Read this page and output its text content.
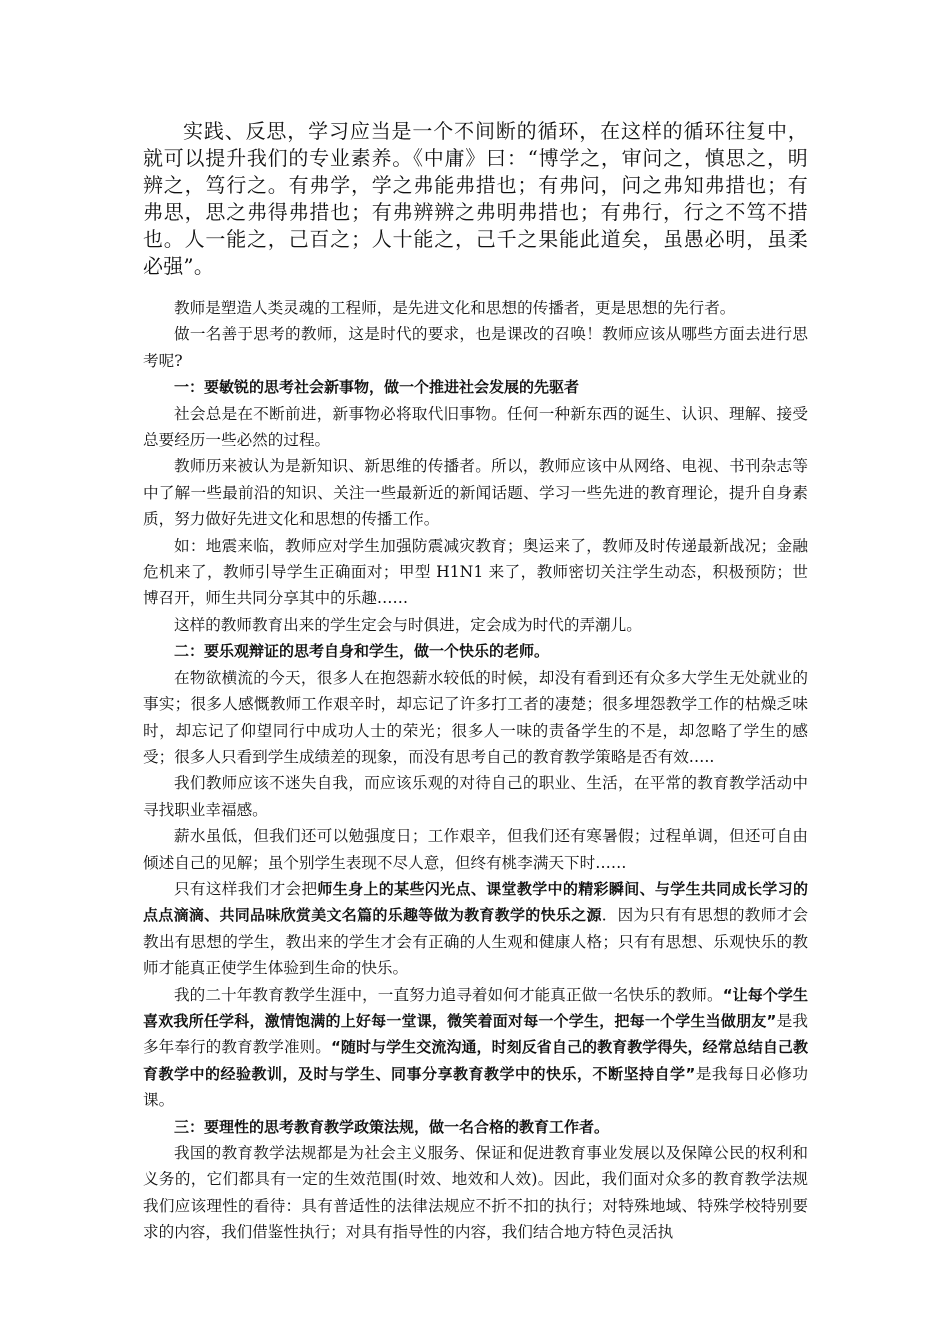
实践、反思，学习应当是一个不间断的循环，在这样的循环往复中，就可以提升我们的专业素养。《中庸》曰：“博学之，审问之，慎思之，明辨之，笃行之。有弗学，学之弗能弗措也；有弗问，问之弗知弗措也；有弗思，思之弗得弗措也；有弗辨辨之弗明弗措也；有弗行，行之不笃不措也。人一能之，己百之；人十能之，己千之果能此道矣，虽愚必明，虽柔必强”。

教师是塑造人类灵魂的工程师，是先进文化和思想的传播者，更是思想的先行者。

做一名善于思考的教师，这是时代的要求，也是课改的召唤！教师应该从哪些方面去进行思考呢?

一：要敏锐的思考社会新事物，做一个推进社会发展的先驱者

社会总是在不断前进，新事物必将取代旧事物。任何一种新东西的诞生、认识、理解、接受总要经历一些必然的过程。

教师历来被认为是新知识、新思维的传播者。所以，教师应该中从网络、电视、书刊杂志等中了解一些最前沿的知识、关注一些最新近的新闻话题、学习一些先进的教育理论，提升自身素质，努力做好先进文化和思想的传播工作。

如：地震来临，教师应对学生加强防震减灾教育；奥运来了，教师及时传递最新战况；金融危机来了，教师引导学生正确面对；甲型 H1N1 来了，教师密切关注学生动态，积极预防；世博召开，师生共同分享其中的乐趣……

这样的教师教育出来的学生定会与时俱进，定会成为时代的弄潮儿。

二：要乐观辩证的思考自身和学生，做一个快乐的老师。

在物欲横流的今天，很多人在抱怨薪水较低的时候，却没有看到还有众多大学生无处就业的事实；很多人感慨教师工作艰辛时，却忘记了许多打工者的凄楚；很多埋怨教学工作的枯燥乏味时，却忘记了仰望同行中成功人士的荣光；很多人一味的责备学生的不是，却忽略了学生的感受；很多人只看到学生成绩差的现象，而没有思考自己的教育教学策略是否有效…..

我们教师应该不迷失自我，而应该乐观的对待自己的职业、生活，在平常的教育教学活动中寻找职业幸福感。

薪水虽低，但我们还可以勉强度日；工作艰辛，但我们还有寒暑假；过程单调，但还可自由倾述自己的见解；虽个别学生表现不尽人意，但终有桃李满天下时……

只有这样我们才会把师生身上的某些闪光点、课堂教学中的精彩瞬间、与学生共同成长学习的点点滴滴、共同品味欣赏美文名篇的乐趣等做为教育教学的快乐之源．因为只有有思想的教师才会教出有思想的学生，教出来的学生才会有正确的人生观和健康人格；只有有思想、乐观快乐的教师才能真正使学生体验到生命的快乐。

我的二十年教育教学生涯中，一直努力追寻着如何才能真正做一名快乐的教师。“让每个学生喜欢我所任学科，激情饱满的上好每一堂课，微笑着面对每一个学生，把每一个学生当做朋友”是我多年奉行的教育教学准则。“随时与学生交流沟通，时刻反省自己的教育教学得失，经常总结自己教育教学中的经验教训，及时与学生、同事分享教育教学中的快乐，不断坚持自学”是我每日必修功课。

三：要理性的思考教育教学政策法规，做一名合格的教育工作者。

我国的教育教学法规都是为社会主义服务、保证和促进教育事业发展以及保障公民的权利和义务的，它们都具有一定的生效范围(时效、地效和人效)。因此，我们面对众多的教育教学法规我们应该理性的看待：具有普适性的法律法规应不折不扣的执行；对特殊地域、特殊学校特别要求的内容，我们借鉴性执行；对具有指导性的内容，我们结合地方特色灵活执
